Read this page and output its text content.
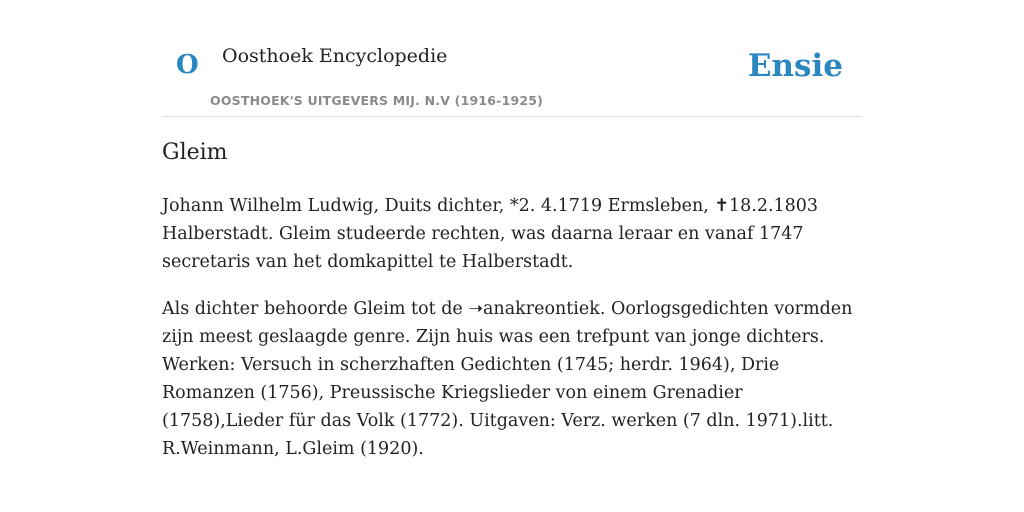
O Oosthoek Encyclopedie
OOSTHOEK'S UITGEVERS MIJ. N.V (1916-1925)
Ensie
Gleim

Johann Wilhelm Ludwig, Duits dichter, *2. 4.1719 Ermsleben, ✝18.2.1803 Halberstadt. Gleim studeerde rechten, was daarna leraar en vanaf 1747 secretaris van het domkapittel te Halberstadt.

Als dichter behoorde Gleim tot de ➝anakreontiek. Oorlogsgedichten vormden zijn meest geslaagde genre. Zijn huis was een trefpunt van jonge dichters. Werken: Versuch in scherzhaften Gedichten (1745; herdr. 1964), Drie Romanzen (1756), Preussische Kriegslieder von einem Grenadier (1758),Lieder für das Volk (1772). Uitgaven: Verz. werken (7 dln. 1971).litt. R.Weinmann, L.Gleim (1920).
